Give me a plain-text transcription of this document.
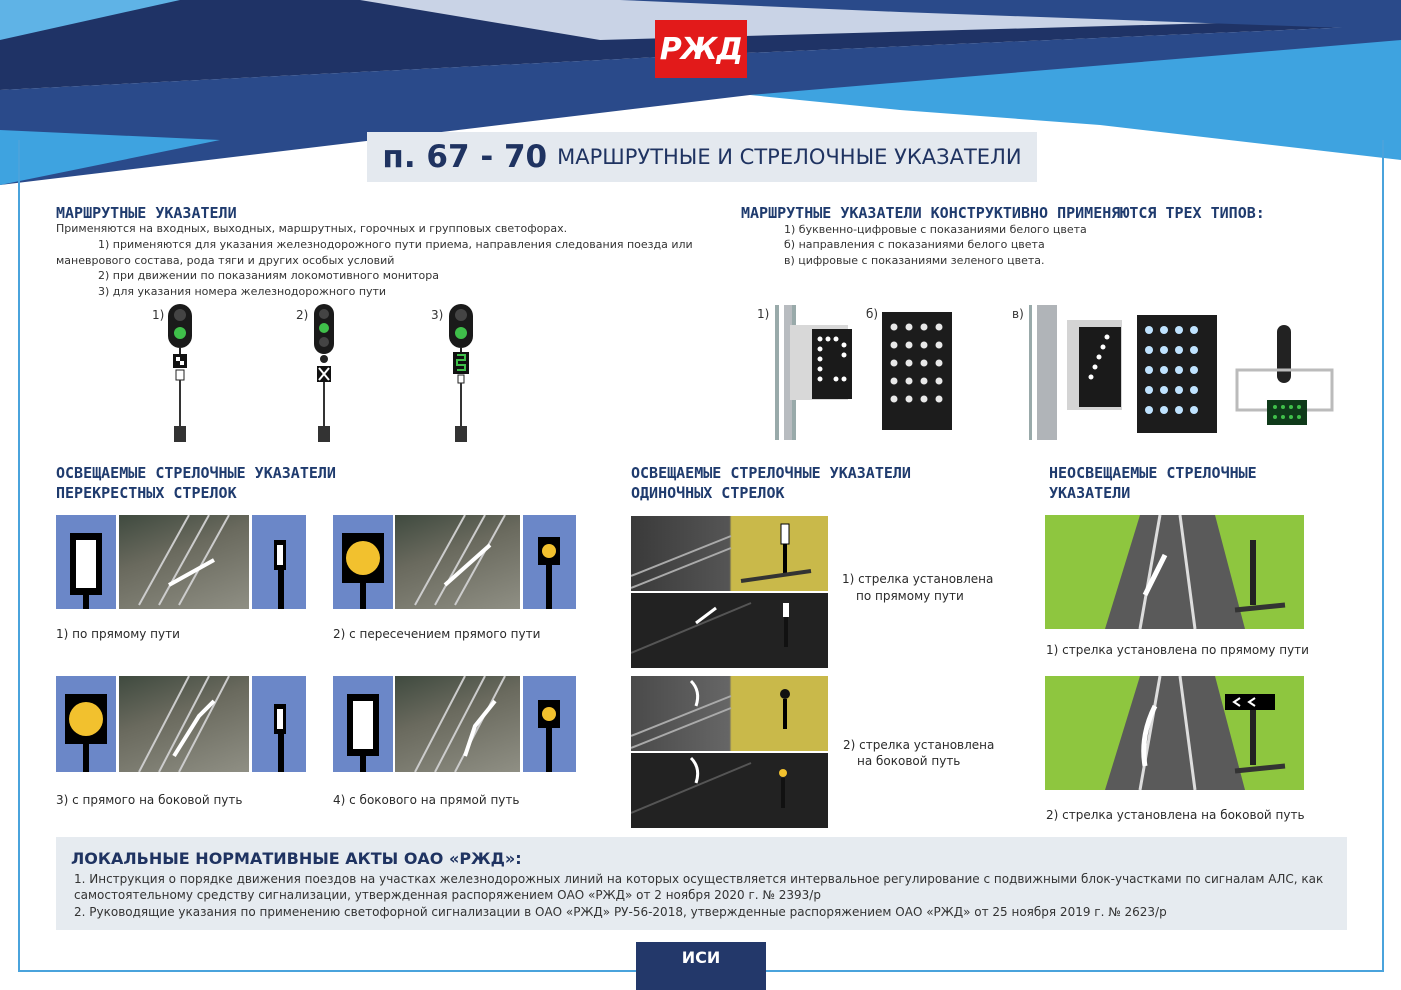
РЖД
п. 67 - 70 МАРШРУТНЫЕ И СТРЕЛОЧНЫЕ УКАЗАТЕЛИ
МАРШРУТНЫЕ УКАЗАТЕЛИ
Применяются на входных, выходных, маршрутных, горочных и групповых светофорах.
1) применяются для указания железнодорожного пути приема, направления следования поезда или
маневрового состава, рода тяги и других особых условий
2) при движении по показаниям локомотивного монитора
3) для указания номера железнодорожного пути
1)	2)	3)
МАРШРУТНЫЕ УКАЗАТЕЛИ КОНСТРУКТИВНО ПРИМЕНЯЮТСЯ ТРЕХ ТИПОВ:
1) буквенно-цифровые с показаниями белого цвета
б) направления с показаниями белого цвета
в) цифровые с показаниями зеленого цвета.
1)	б)	в)
ОСВЕЩАЕМЫЕ СТРЕЛОЧНЫЕ УКАЗАТЕЛИ
ПЕРЕКРЕСТНЫХ СТРЕЛОК
1) по прямому пути	2) с пересечением прямого пути
3) с прямого на боковой путь	4) с бокового на прямой путь
ОСВЕЩАЕМЫЕ СТРЕЛОЧНЫЕ УКАЗАТЕЛИ
ОДИНОЧНЫХ СТРЕЛОК
1) стрелка установлена
по прямому пути
2) стрелка установлена
на боковой путь
НЕОСВЕЩАЕМЫЕ СТРЕЛОЧНЫЕ
УКАЗАТЕЛИ
1) стрелка установлена по прямому пути
2) стрелка установлена на боковой путь
ЛОКАЛЬНЫЕ НОРМАТИВНЫЕ АКТЫ ОАО «РЖД»:
1. Инструкция о порядке движения поездов на участках железнодорожных линий на которых осуществляется интервальное регулирование с подвижными блок-участками по сигналам АЛС, как
самостоятельному средству сигнализации, утвержденная распоряжением ОАО «РЖД» от 2 ноября 2020 г. № 2393/р
2. Руководящие указания по применению светофорной сигнализации в ОАО «РЖД» РУ-56-2018, утвержденные распоряжением ОАО «РЖД» от 25 ноября 2019 г. № 2623/р
ИСИ
